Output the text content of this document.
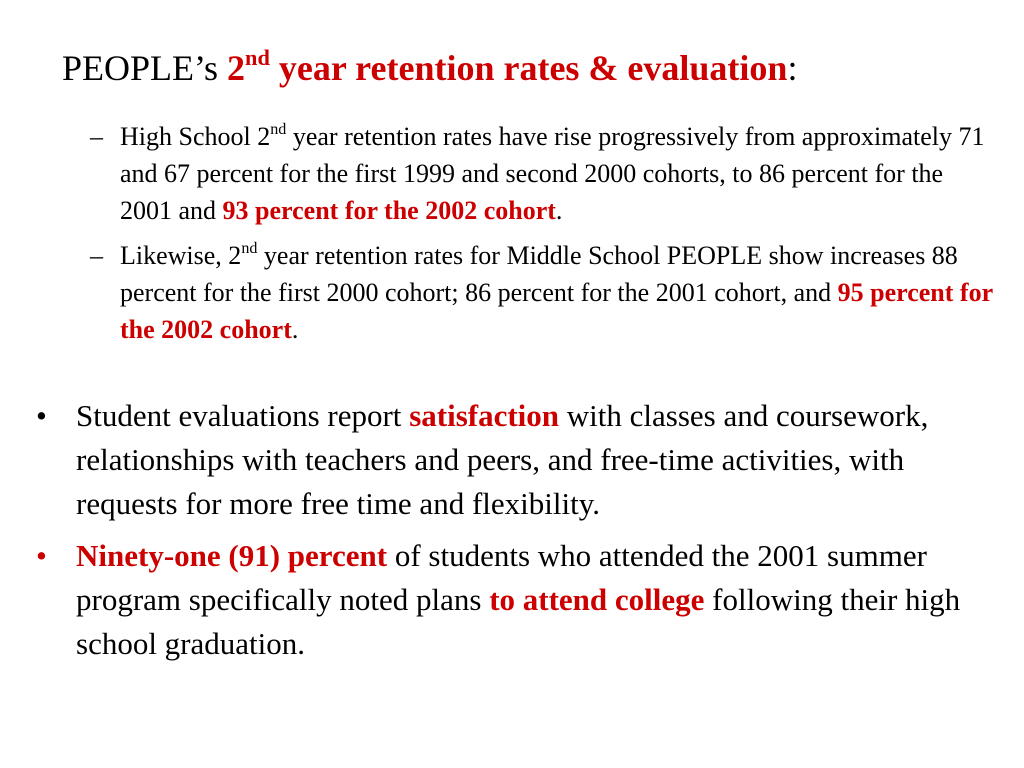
PEOPLE’s 2nd year retention rates & evaluation:
– High School 2nd year retention rates have rise progressively from approximately 71 and 67 percent for the first 1999 and second 2000 cohorts, to 86 percent for the 2001 and 93 percent for the 2002 cohort.
– Likewise, 2nd year retention rates for Middle School PEOPLE show increases 88 percent for the first 2000 cohort; 86 percent for the 2001 cohort, and 95 percent for the 2002 cohort.
• Student evaluations report satisfaction with classes and coursework, relationships with teachers and peers, and free-time activities, with requests for more free time and flexibility.
• Ninety-one (91) percent of students who attended the 2001 summer program specifically noted plans to attend college following their high school graduation.
